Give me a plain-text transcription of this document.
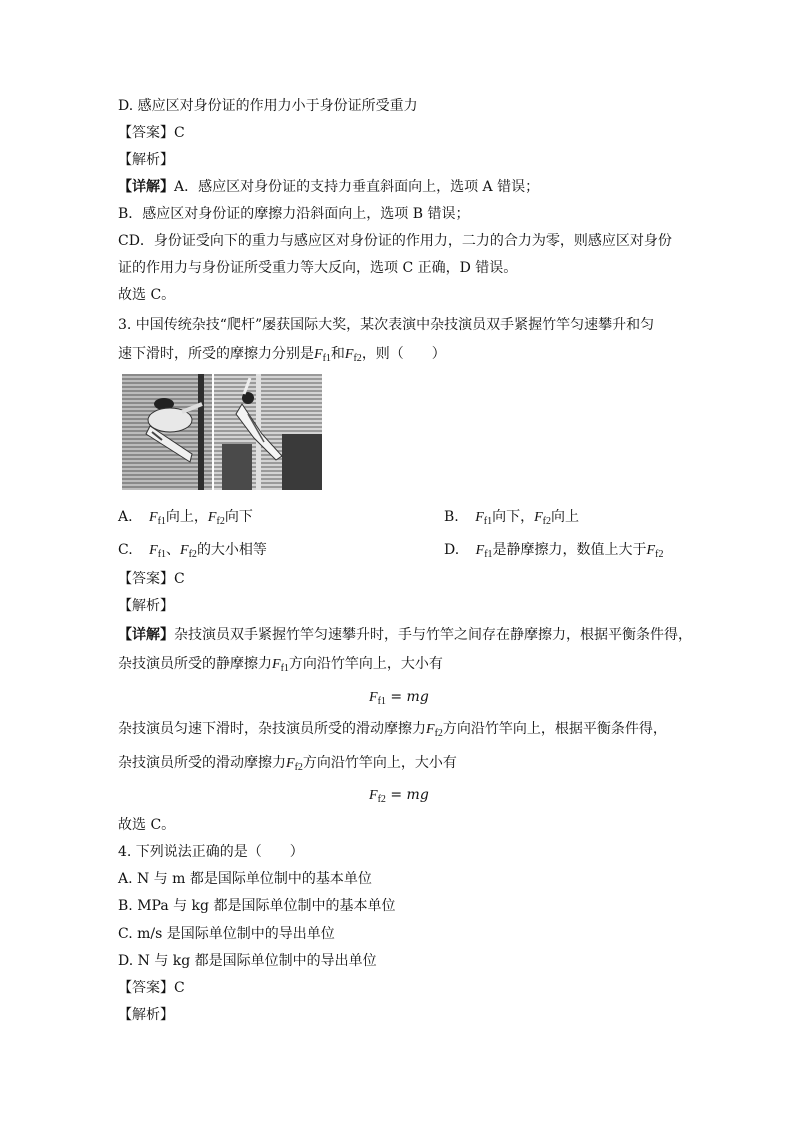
D. 感应区对身份证的作用力小于身份证所受重力
【答案】C
【解析】
【详解】A．感应区对身份证的支持力垂直斜面向上，选项 A 错误；
B．感应区对身份证的摩擦力沿斜面向上，选项 B 错误；
CD．身份证受向下的重力与感应区对身份证的作用力，二力的合力为零，则感应区对身份
证的作用力与身份证所受重力等大反向，选项 C 正确，D 错误。
故选 C。
3. 中国传统杂技“爬杆”屡获国际大奖，某次表演中杂技演员双手紧握竹竿匀速攀升和匀
速下滑时，所受的摩擦力分别是$F_{f1}$和$F_{f2}$，则（　　）
A. $F_{f1}$向上，$F_{f2}$向下	B. $F_{f1}$向下，$F_{f2}$向上
C. $F_{f1}$、$F_{f2}$的大小相等	D. $F_{f1}$是静摩擦力，数值上大于$F_{f2}$
【答案】C
【解析】
【详解】杂技演员双手紧握竹竿匀速攀升时，手与竹竿之间存在静摩擦力，根据平衡条件得，
杂技演员所受的静摩擦力$F_{f1}$方向沿竹竿向上，大小有
$F_{f1}$ = mg
杂技演员匀速下滑时，杂技演员所受的滑动摩擦力$F_{f2}$方向沿竹竿向上，根据平衡条件得，
杂技演员所受的滑动摩擦力$F_{f2}$方向沿竹竿向上，大小有
$F_{f2}$ = mg
故选 C。
4. 下列说法正确的是（　　）
A. N 与 m 都是国际单位制中的基本单位
B. MPa 与 kg 都是国际单位制中的基本单位
C. m/s 是国际单位制中的导出单位
D. N 与 kg 都是国际单位制中的导出单位
【答案】C
【解析】
